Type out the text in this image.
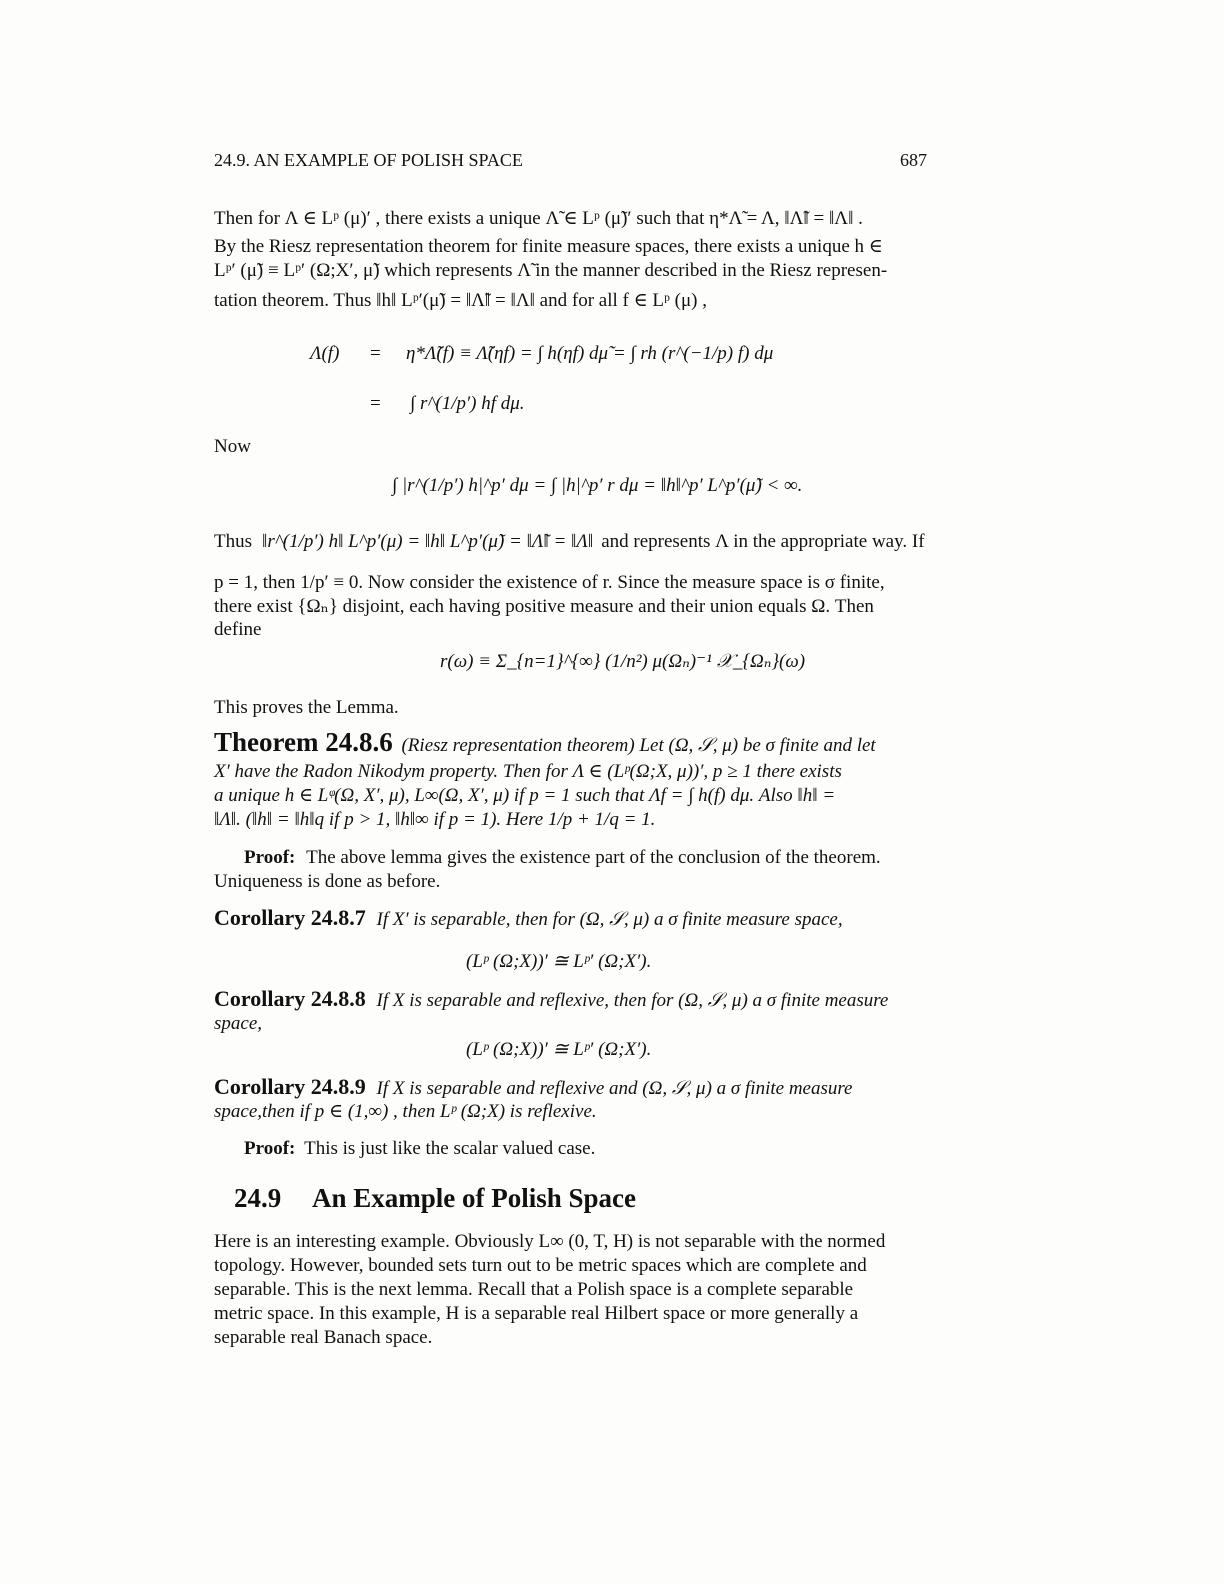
24.9. AN EXAMPLE OF POLISH SPACE	687
Then for Λ ∈ Lᵖ (μ)′ , there exists a unique Λ̃ ∈ Lᵖ (μ̃)′ such that η*Λ̃ = Λ, ‖Λ̃‖ = ‖Λ‖ .
By the Riesz representation theorem for finite measure spaces, there exists a unique h ∈
Lᵖ′ (μ̃) ≡ Lᵖ′ (Ω;X′, μ̃) which represents Λ̃ in the manner described in the Riesz represen-
tation theorem. Thus ‖h‖ Lᵖ′(μ̃) = ‖Λ̃‖ = ‖Λ‖ and for all f ∈ Lᵖ (μ) ,
Λ(f) = η*Λ̃(f) ≡ Λ̃(ηf) = ∫ h(ηf) dμ̃ = ∫ rh (r^(−1/p) f) dμ
= ∫ r^(1/p′) hf dμ.
Now
∫ |r^(1/p′) h|^p′ dμ = ∫ |h|^p′ r dμ = ‖h‖^p′ L^p′(μ̃) < ∞.
Thus ‖r^(1/p′) h‖ L^p′(μ) = ‖h‖ L^p′(μ̃) = ‖Λ̃‖ = ‖Λ‖ and represents Λ in the appropriate way. If
p = 1, then 1/p′ ≡ 0. Now consider the existence of r. Since the measure space is σ finite,
there exist {Ωₙ} disjoint, each having positive measure and their union equals Ω. Then
define
r(ω) ≡ Σ_{n=1}^{∞} (1/n²) μ(Ωₙ)⁻¹ 𝒳_{Ωₙ}(ω)
This proves the Lemma.
Theorem 24.8.6 (Riesz representation theorem) Let (Ω, 𝒮, μ) be σ finite and let
X′ have the Radon Nikodym property. Then for Λ ∈ (Lᵖ(Ω;X, μ))′, p ≥ 1 there exists
a unique h ∈ Lᵠ(Ω, X′, μ), L∞(Ω, X′, μ) if p = 1 such that Λf = ∫ h(f) dμ. Also ‖h‖ =
‖Λ‖. (‖h‖ = ‖h‖q if p > 1, ‖h‖∞ if p = 1). Here 1/p + 1/q = 1.
Proof: The above lemma gives the existence part of the conclusion of the theorem.
Uniqueness is done as before.
Corollary 24.8.7 If X′ is separable, then for (Ω, 𝒮, μ) a σ finite measure space,
(Lᵖ (Ω;X))′ ≅ Lᵖ′ (Ω;X′).
Corollary 24.8.8 If X is separable and reflexive, then for (Ω, 𝒮, μ) a σ finite measure
space,
(Lᵖ (Ω;X))′ ≅ Lᵖ′ (Ω;X′).
Corollary 24.8.9 If X is separable and reflexive and (Ω, 𝒮, μ) a σ finite measure
space,then if p ∈ (1,∞) , then Lᵖ (Ω;X) is reflexive.
Proof: This is just like the scalar valued case.
24.9 An Example of Polish Space
Here is an interesting example. Obviously L∞ (0, T, H) is not separable with the normed
topology. However, bounded sets turn out to be metric spaces which are complete and
separable. This is the next lemma. Recall that a Polish space is a complete separable
metric space. In this example, H is a separable real Hilbert space or more generally a
separable real Banach space.
